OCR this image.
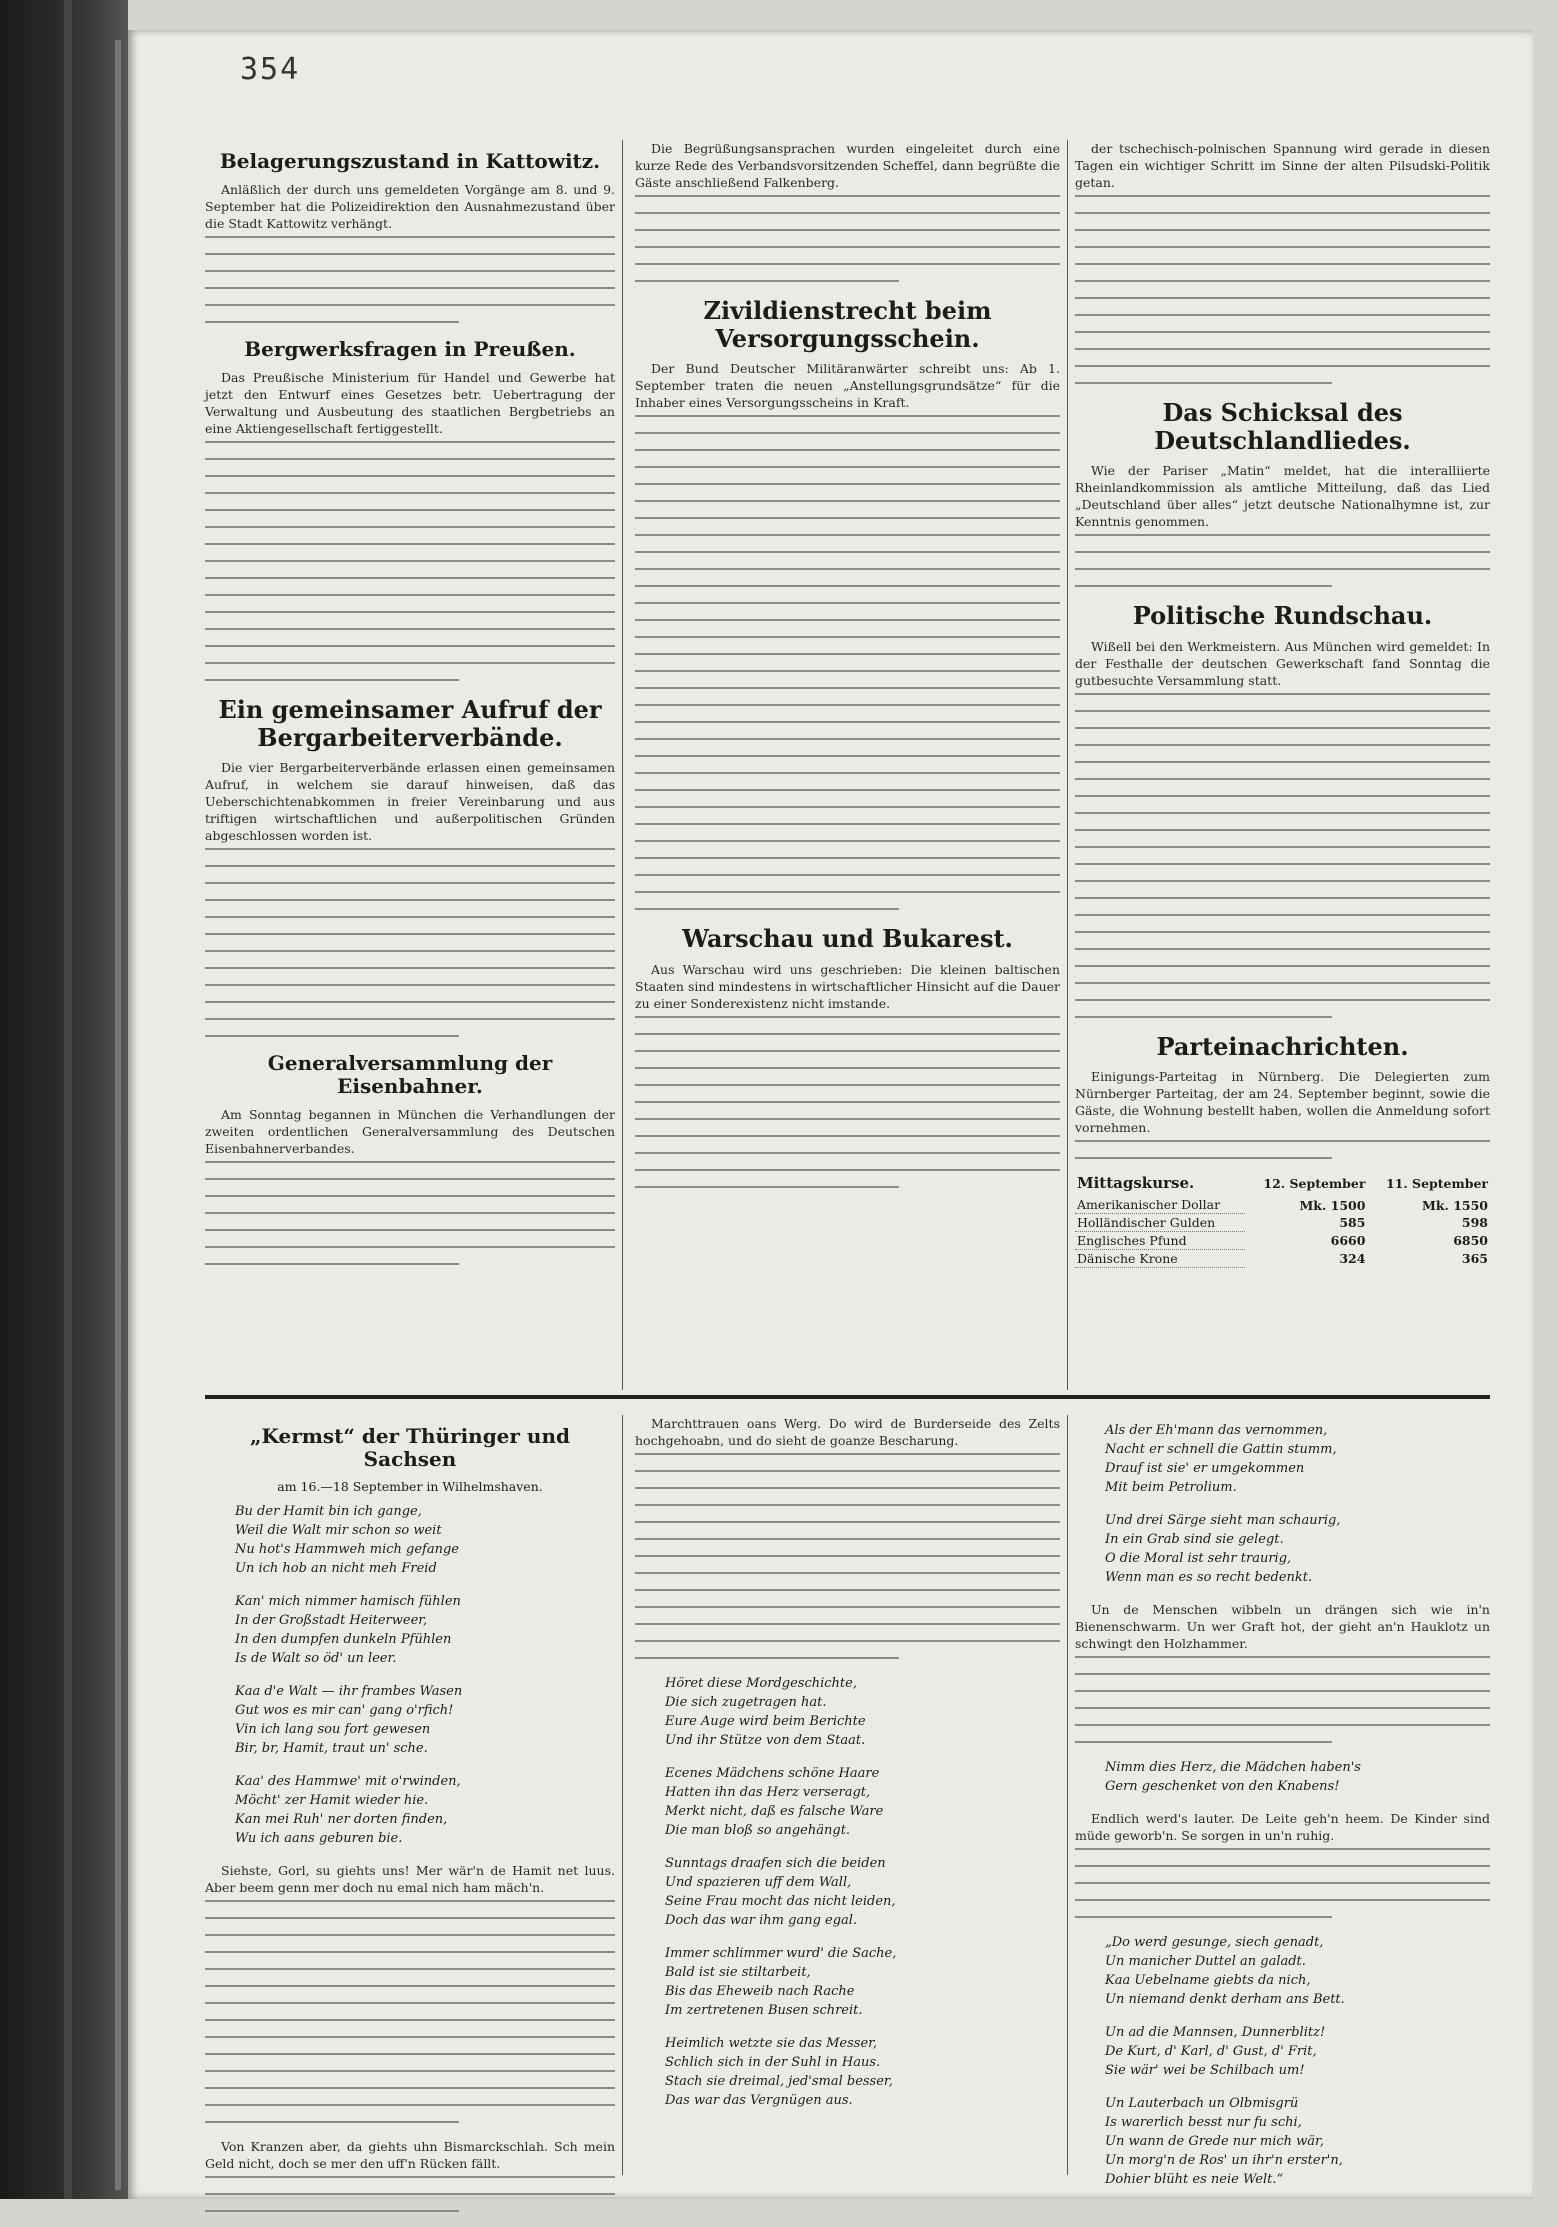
354
Belagerungszustand in Kattowitz.

Anläßlich der durch uns gemeldeten Vorgänge am 8. und 9. September hat die Polizeidirektion den Ausnahmezustand über die Stadt Kattowitz verhängt.

Bergwerksfragen in Preußen.

Das Preußische Ministerium für Handel und Gewerbe hat jetzt den Entwurf eines Gesetzes betr. Uebertragung der Verwaltung und Ausbeutung des staatlichen Bergbetriebs an eine Aktiengesellschaft fertiggestellt.

Ein gemeinsamer Aufruf der Bergarbeiterverbände.

Die vier Bergarbeiterverbände erlassen einen gemeinsamen Aufruf, in welchem sie darauf hinweisen, daß das Ueberschichtenabkommen in freier Vereinbarung und aus triftigen wirtschaftlichen und außerpolitischen Gründen abgeschlossen worden ist.

Generalversammlung der Eisenbahner.

Am Sonntag begannen in München die Verhandlungen der zweiten ordentlichen Generalversammlung des Deutschen Eisenbahnerverbandes.

Die Begrüßungsansprachen wurden eingeleitet durch eine kurze Rede des Verbandsvorsitzenden Scheffel, dann begrüßte die Gäste anschließend Falkenberg.

Zivildienstrecht beim Versorgungsschein.

Der Bund Deutscher Militäranwärter schreibt uns: Ab 1. September traten die neuen „Anstellungsgrundsätze“ für die Inhaber eines Versorgungsscheins in Kraft.

Warschau und Bukarest.

Aus Warschau wird uns geschrieben: Die kleinen baltischen Staaten sind mindestens in wirtschaftlicher Hinsicht auf die Dauer zu einer Sonderexistenz nicht imstande.

der tschechisch-polnischen Spannung wird gerade in diesen Tagen ein wichtiger Schritt im Sinne der alten Pilsudski-Politik getan.

Das Schicksal des Deutschlandliedes.

Wie der Pariser „Matin“ meldet, hat die interalliierte Rheinlandkommission als amtliche Mitteilung, daß das Lied „Deutschland über alles“ jetzt deutsche Nationalhymne ist, zur Kenntnis genommen.

Politische Rundschau.

Wißell bei den Werkmeistern. Aus München wird gemeldet: In der Festhalle der deutschen Gewerkschaft fand Sonntag die gutbesuchte Versammlung statt.

Parteinachrichten.

Einigungs-Parteitag in Nürnberg. Die Delegierten zum Nürnberger Parteitag, der am 24. September beginnt, sowie die Gäste, die Wohnung bestellt haben, wollen die Anmeldung sofort vornehmen.

Mittagskurse.	12. September	11. September
Amerikanischer Dollar	Mk. 1500	Mk. 1550
Holländischer Gulden	585	598
Englisches Pfund	6660	6850
Dänische Krone	324	365
„Kermst“ der Thüringer und Sachsen
am 16.—18 September in Wilhelmshaven.
Bu der Hamit bin ich gange,
Weil die Walt mir schon so weit
Nu hot's Hammweh mich gefange
Un ich hob an nicht meh Freid
Kan' mich nimmer hamisch fühlen
In der Großstadt Heiterweer,
In den dumpfen dunkeln Pfühlen
Is de Walt so öd' un leer.
Kaa d'e Walt — ihr frambes Wasen
Gut wos es mir can' gang o'rfich!
Vin ich lang sou fort gewesen
Bir, br, Hamit, traut un' sche.
Kaa' des Hammwe' mit o'rwinden,
Möcht' zer Hamit wieder hie.
Kan mei Ruh' ner dorten finden,
Wu ich aans geburen bie.

Siehste, Gorl, su giehts uns! Mer wär'n de Hamit net luus. Aber beem genn mer doch nu emal nich ham mäch'n.

Von Kranzen aber, da giehts uhn Bismarckschlah. Sch mein Geld nicht, doch se mer den uff'n Rücken fällt.

Marchttrauen oans Werg. Do wird de Burderseide des Zelts hochgehoabn, und do sieht de goanze Bescharung.

Höret diese Mordgeschichte,
Die sich zugetragen hat.
Eure Auge wird beim Berichte
Und ihr Stütze von dem Staat.
Ecenes Mädchens schöne Haare
Hatten ihn das Herz verseragt,
Merkt nicht, daß es falsche Ware
Die man bloß so angehängt.
Sunntags draafen sich die beiden
Und spazieren uff dem Wall,
Seine Frau mocht das nicht leiden,
Doch das war ihm gang egal.
Immer schlimmer wurd' die Sache,
Bald ist sie stiltarbeit,
Bis das Eheweib nach Rache
Im zertretenen Busen schreit.
Heimlich wetzte sie das Messer,
Schlich sich in der Suhl in Haus.
Stach sie dreimal, jed'smal besser,
Das war das Vergnügen aus.
Als der Eh'mann das vernommen,
Nacht er schnell die Gattin stumm,
Drauf ist sie' er umgekommen
Mit beim Petrolium.
Und drei Särge sieht man schaurig,
In ein Grab sind sie gelegt.
O die Moral ist sehr traurig,
Wenn man es so recht bedenkt.

Un de Menschen wibbeln un drängen sich wie in'n Bienenschwarm. Un wer Graft hot, der gieht an'n Hauklotz un schwingt den Holzhammer.

Nimm dies Herz, die Mädchen haben's
Gern geschenket von den Knabens!

Endlich werd's lauter. De Leite geh'n heem. De Kinder sind müde geworb'n. Se sorgen in un'n ruhig.

„Do werd gesunge, siech genadt,
Un manicher Duttel an galadt.
Kaa Uebelname giebts da nich,
Un niemand denkt derham ans Bett.
Un ad die Mannsen, Dunnerblitz!
De Kurt, d' Karl, d' Gust, d' Frit,
Sie wär' wei be Schilbach um!
Un Lauterbach un Olbmisgrü
Is warerlich besst nur fu schi,
Un wann de Grede nur mich wär,
Un morg'n de Ros' un ihr'n erster'n,
Dohier blüht es neie Welt.“
